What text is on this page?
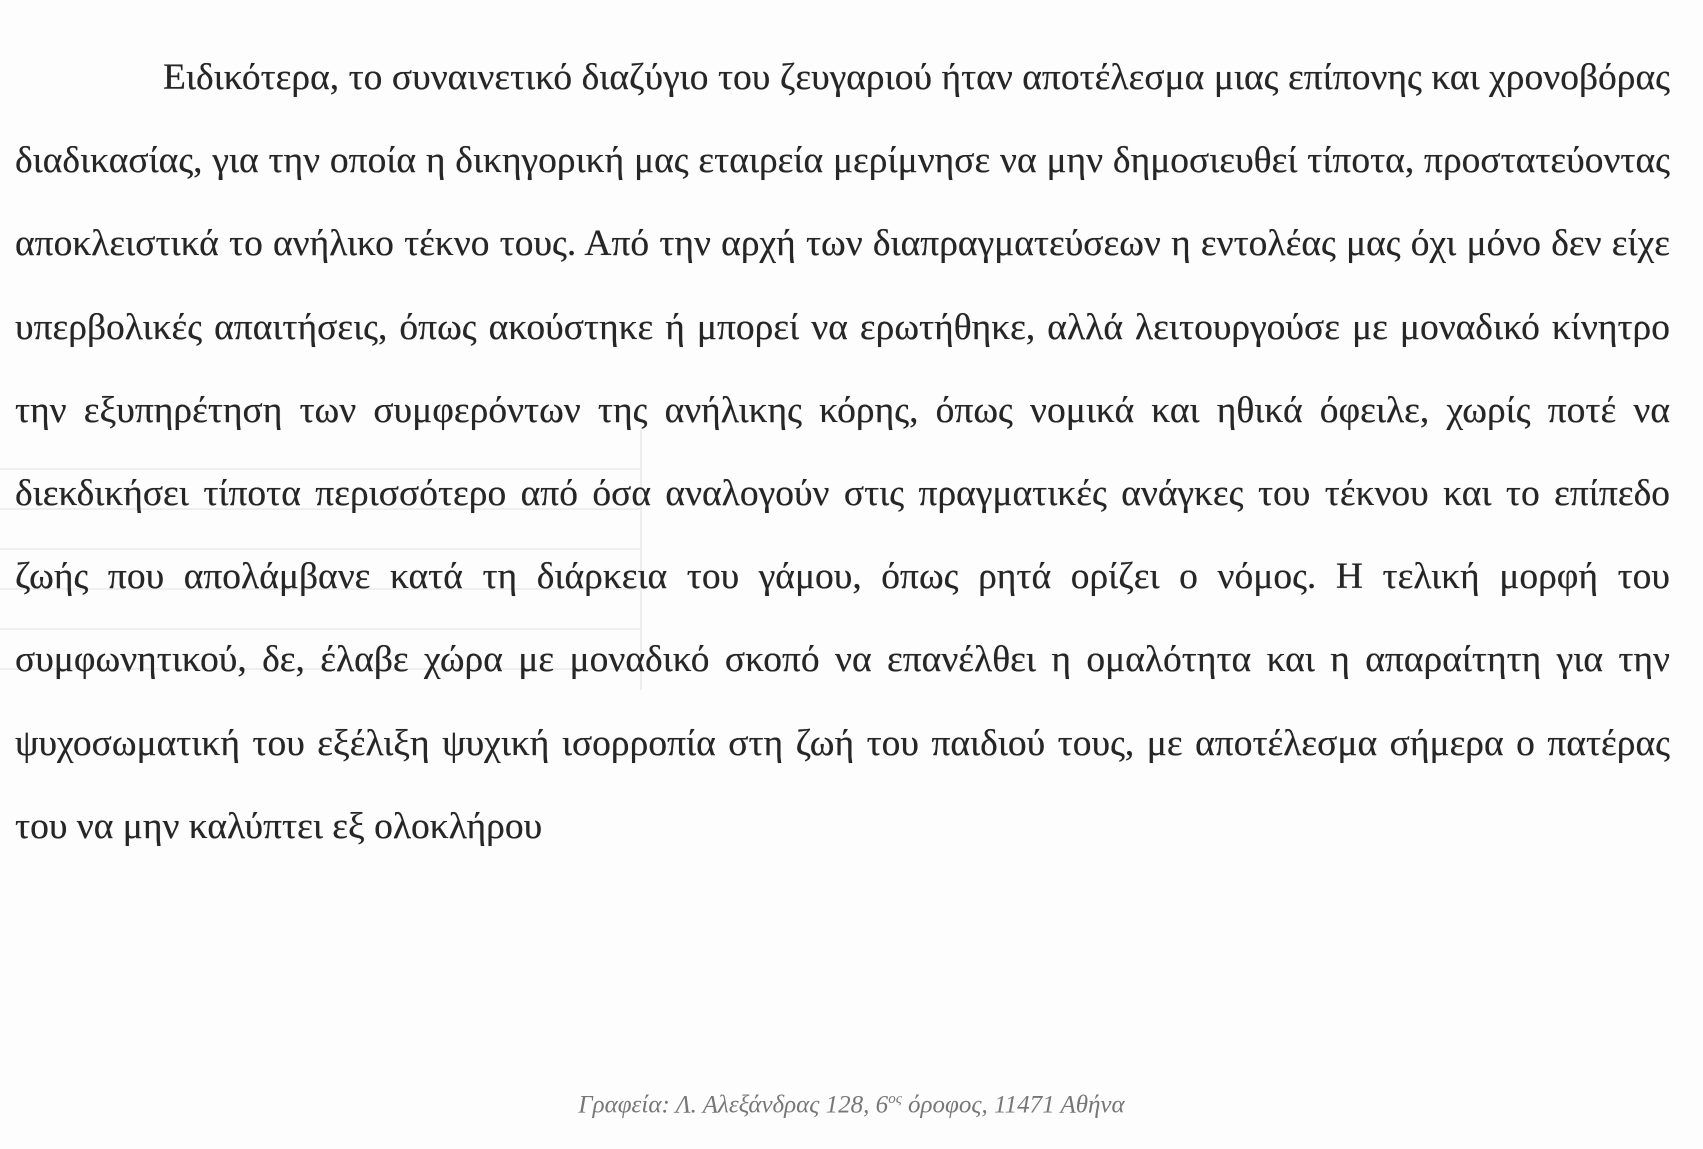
Ειδικότερα, το συναινετικό διαζύγιο του ζευγαριού ήταν αποτέλεσμα μιας επίπονης και χρονοβόρας διαδικασίας, για την οποία η δικηγορική μας εταιρεία μερίμνησε να μην δημοσιευθεί τίποτα, προστατεύοντας αποκλειστικά το ανήλικο τέκνο τους. Από την αρχή των διαπραγματεύσεων η εντολέας μας όχι μόνο δεν είχε υπερβολικές απαιτήσεις, όπως ακούστηκε ή μπορεί να ερωτήθηκε, αλλά λειτουργούσε με μοναδικό κίνητρο την εξυπηρέτηση των συμφερόντων της ανήλικης κόρης, όπως νομικά και ηθικά όφειλε, χωρίς ποτέ να διεκδικήσει τίποτα περισσότερο από όσα αναλογούν στις πραγματικές ανάγκες του τέκνου και το επίπεδο ζωής που απολάμβανε κατά τη διάρκεια του γάμου, όπως ρητά ορίζει ο νόμος. Η τελική μορφή του συμφωνητικού, δε, έλαβε χώρα με μοναδικό σκοπό να επανέλθει η ομαλότητα και η απαραίτητη για την ψυχοσωματική του εξέλιξη ψυχική ισορροπία στη ζωή του παιδιού τους, με αποτέλεσμα σήμερα ο πατέρας του να μην καλύπτει εξ ολοκλήρου

Γραφεία: Λ. Αλεξάνδρας 128, $6^{o\varsigma}$ όροφος, 11471 Αθήνα
